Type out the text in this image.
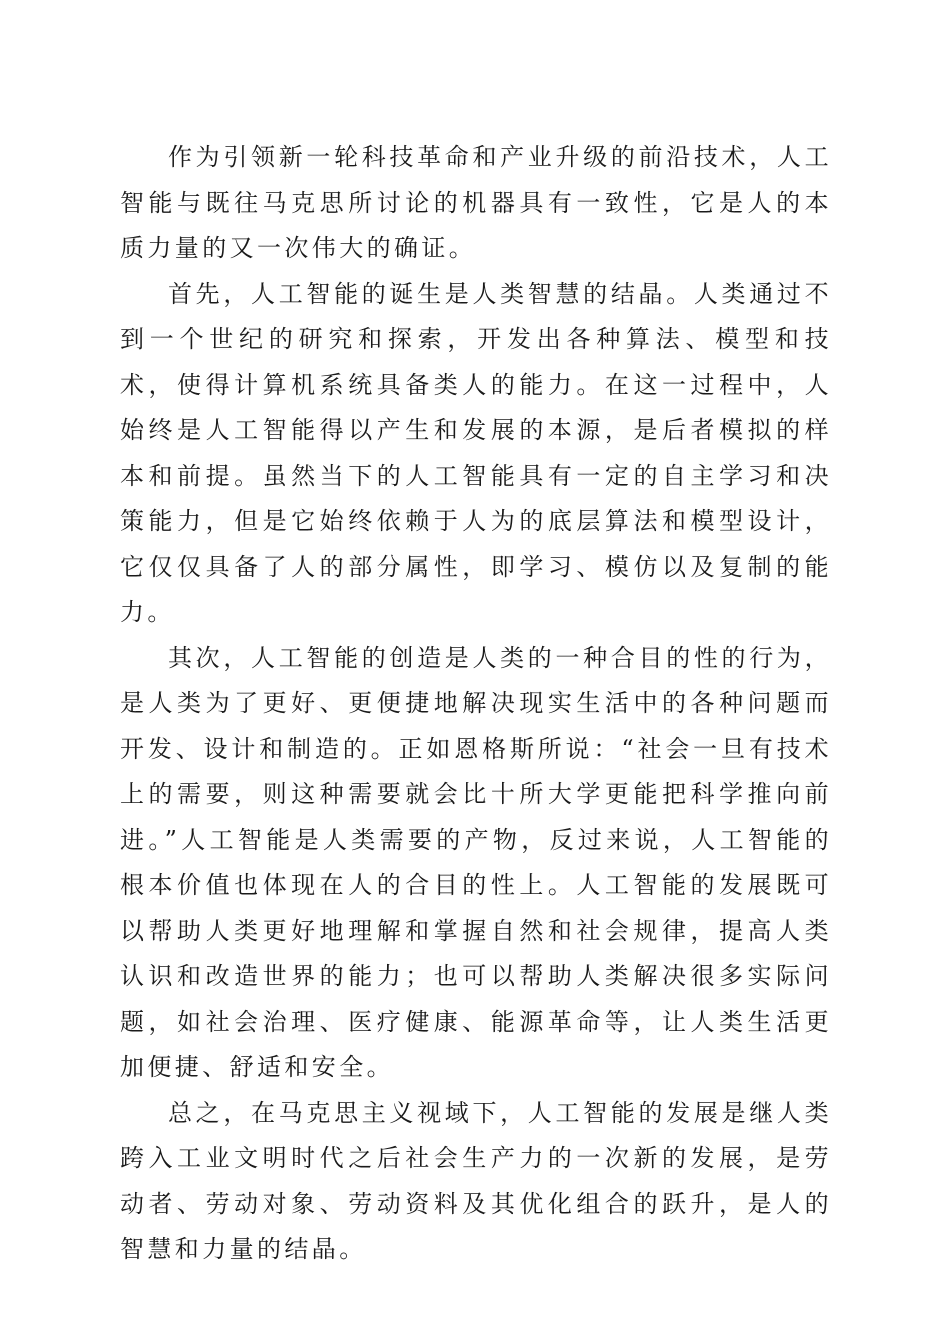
作为引领新一轮科技革命和产业升级的前沿技术，人工智能与既往马克思所讨论的机器具有一致性，它是人的本质力量的又一次伟大的确证。

首先，人工智能的诞生是人类智慧的结晶。人类通过不到一个世纪的研究和探索，开发出各种算法、模型和技术，使得计算机系统具备类人的能力。在这一过程中，人始终是人工智能得以产生和发展的本源，是后者模拟的样本和前提。虽然当下的人工智能具有一定的自主学习和决策能力，但是它始终依赖于人为的底层算法和模型设计，它仅仅具备了人的部分属性，即学习、模仿以及复制的能力。

其次，人工智能的创造是人类的一种合目的性的行为，是人类为了更好、更便捷地解决现实生活中的各种问题而开发、设计和制造的。正如恩格斯所说：“社会一旦有技术上的需要，则这种需要就会比十所大学更能把科学推向前进。”人工智能是人类需要的产物，反过来说，人工智能的根本价值也体现在人的合目的性上。人工智能的发展既可以帮助人类更好地理解和掌握自然和社会规律，提高人类认识和改造世界的能力；也可以帮助人类解决很多实际问题，如社会治理、医疗健康、能源革命等，让人类生活更加便捷、舒适和安全。

总之，在马克思主义视域下，人工智能的发展是继人类跨入工业文明时代之后社会生产力的一次新的发展，是劳动者、劳动对象、劳动资料及其优化组合的跃升，是人的智慧和力量的结晶。
